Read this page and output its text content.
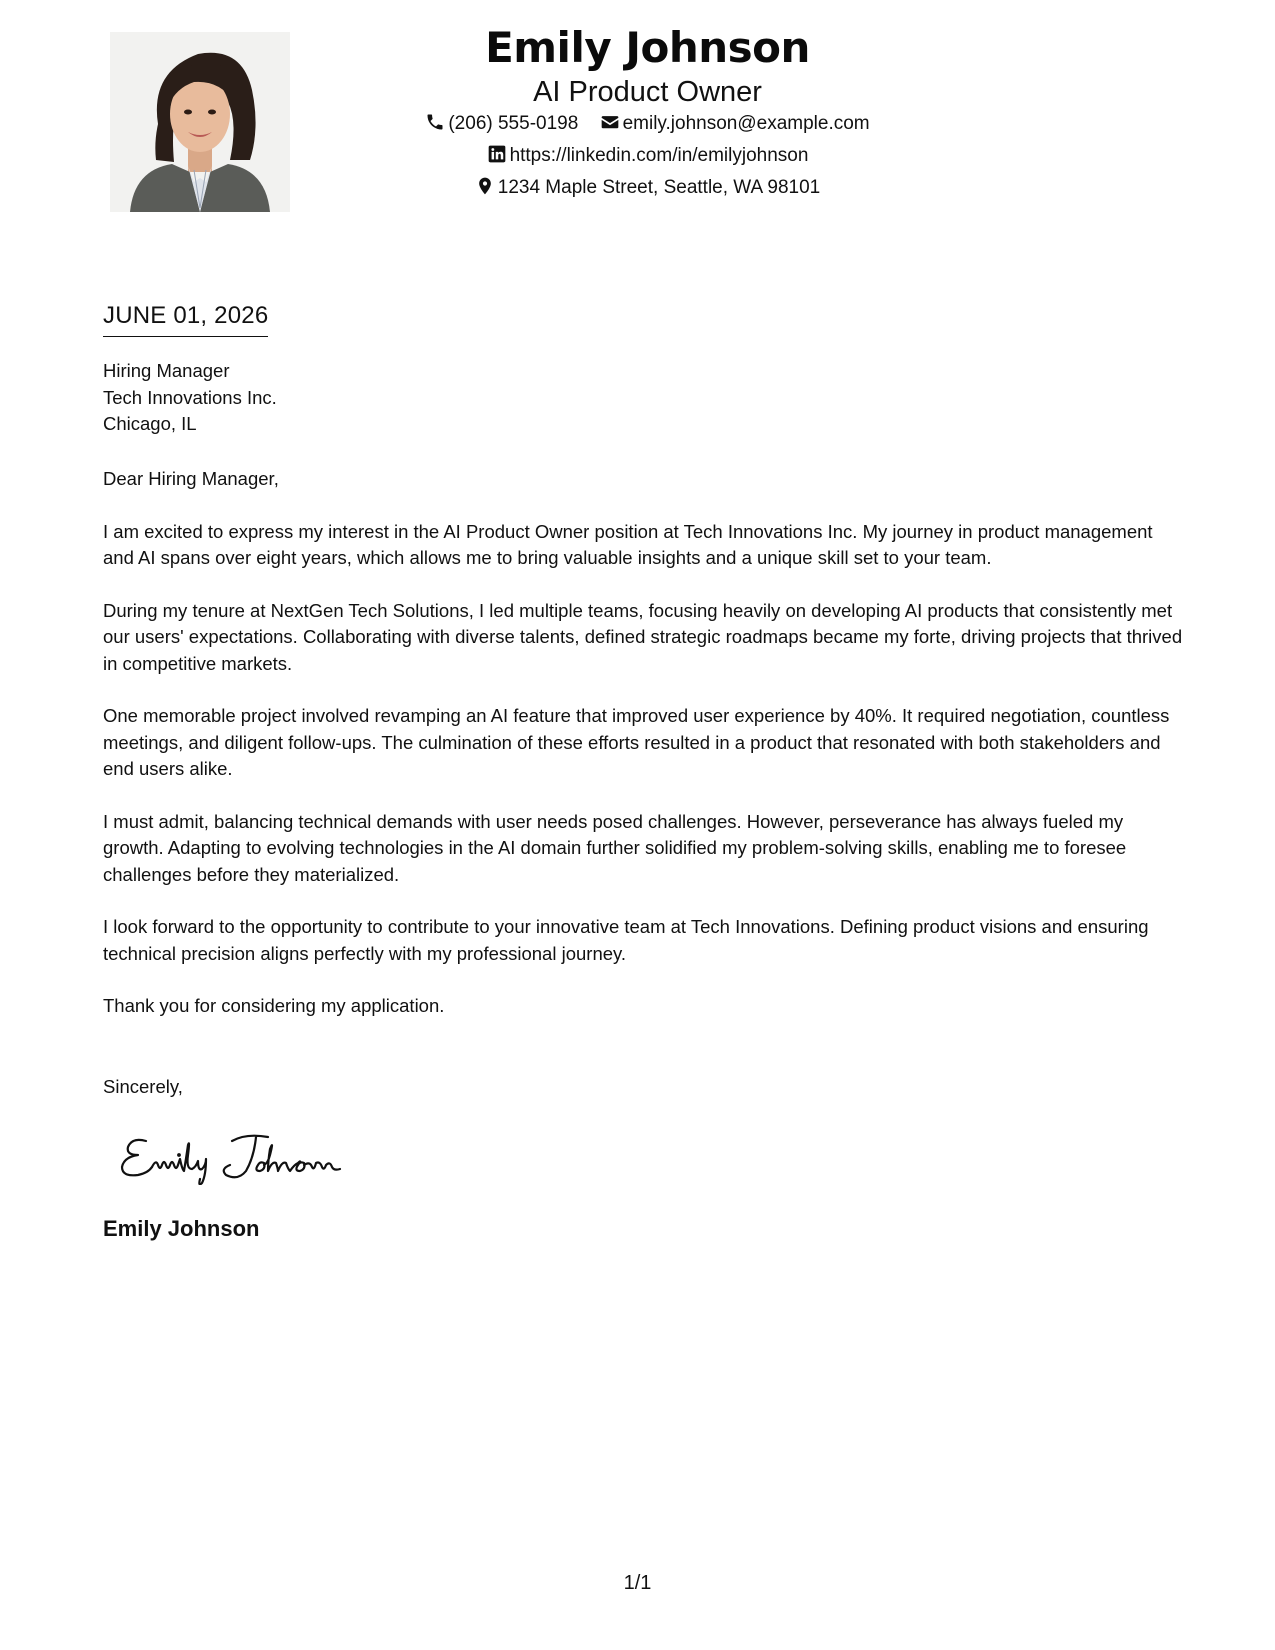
Emily Johnson
AI Product Owner
(206) 555-0198 emily.johnson@example.com
https://linkedin.com/in/emilyjohnson
1234 Maple Street, Seattle, WA 98101
JUNE 01, 2026
Hiring Manager
Tech Innovations Inc.
Chicago, IL

Dear Hiring Manager,

I am excited to express my interest in the AI Product Owner position at Tech Innovations Inc. My journey in product management and AI spans over eight years, which allows me to bring valuable insights and a unique skill set to your team.

During my tenure at NextGen Tech Solutions, I led multiple teams, focusing heavily on developing AI products that consistently met our users' expectations. Collaborating with diverse talents, defined strategic roadmaps became my forte, driving projects that thrived in competitive markets.

One memorable project involved revamping an AI feature that improved user experience by 40%. It required negotiation, countless meetings, and diligent follow-ups. The culmination of these efforts resulted in a product that resonated with both stakeholders and end users alike.

I must admit, balancing technical demands with user needs posed challenges. However, perseverance has always fueled my growth. Adapting to evolving technologies in the AI domain further solidified my problem-solving skills, enabling me to foresee challenges before they materialized.

I look forward to the opportunity to contribute to your innovative team at Tech Innovations. Defining product visions and ensuring technical precision aligns perfectly with my professional journey.

Thank you for considering my application.

Sincerely,
Emily Johnson
1/1
